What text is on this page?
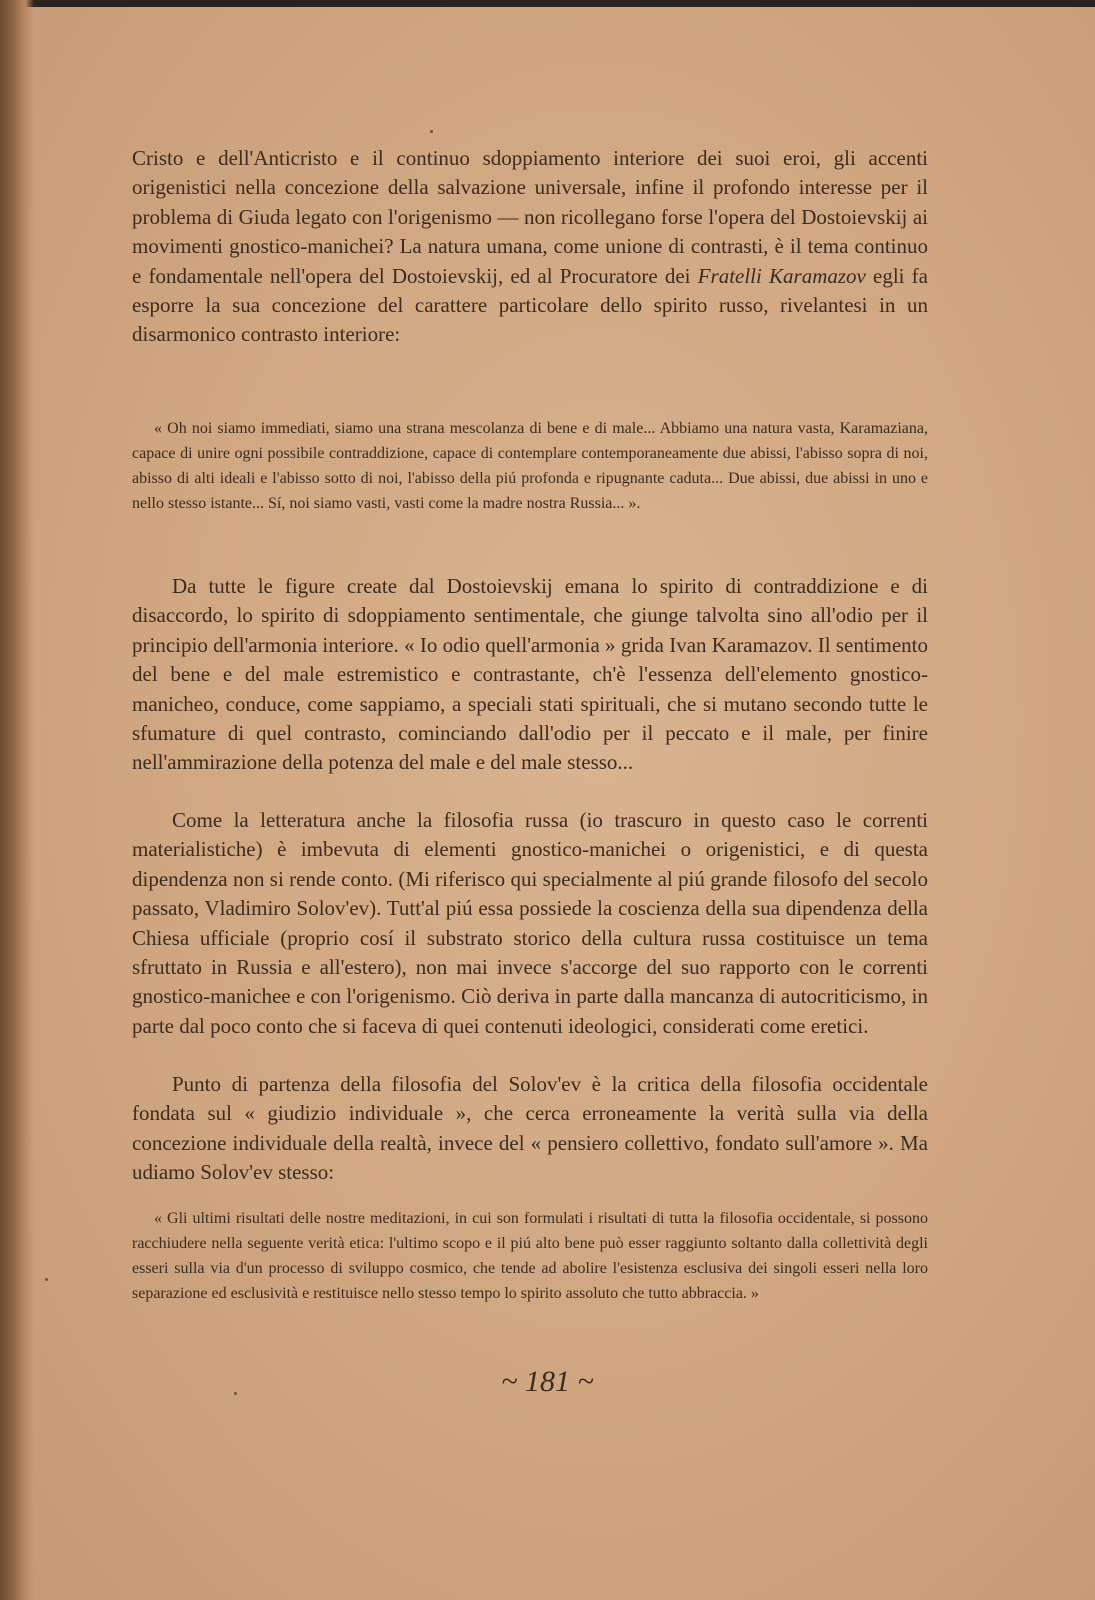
Cristo e dell'Anticristo e il continuo sdoppiamento interiore dei suoi eroi, gli accenti origenistici nella concezione della salvazione universale, infine il profondo interesse per il problema di Giuda legato con l'origenismo — non ricollegano forse l'opera del Dostoievskij ai movimenti gnostico-manichei? La natura umana, come unione di contrasti, è il tema continuo e fondamentale nell'opera del Dostoievskij, ed al Procuratore dei Fratelli Karamazov egli fa esporre la sua concezione del carattere particolare dello spirito russo, rivelantesi in un disarmonico contrasto interiore:

« Oh noi siamo immediati, siamo una strana mescolanza di bene e di male... Abbiamo una natura vasta, Karamaziana, capace di unire ogni possibile contraddizione, capace di contemplare contemporaneamente due abissi, l'abisso sopra di noi, abisso di alti ideali e l'abisso sotto di noi, l'abisso della piú profonda e ripugnante caduta... Due abissi, due abissi in uno e nello stesso istante... Sí, noi siamo vasti, vasti come la madre nostra Russia... ».

Da tutte le figure create dal Dostoievskij emana lo spirito di contraddizione e di disaccordo, lo spirito di sdoppiamento sentimentale, che giunge talvolta sino all'odio per il principio dell'armonia interiore. « Io odio quell'armonia » grida Ivan Karamazov. Il sentimento del bene e del male estremistico e contrastante, ch'è l'essenza dell'elemento gnostico-manicheo, conduce, come sappiamo, a speciali stati spirituali, che si mutano secondo tutte le sfumature di quel contrasto, cominciando dall'odio per il peccato e il male, per finire nell'ammirazione della potenza del male e del male stesso...

Come la letteratura anche la filosofia russa (io trascuro in questo caso le correnti materialistiche) è imbevuta di elementi gnostico-manichei o origenistici, e di questa dipendenza non si rende conto. (Mi riferisco qui specialmente al piú grande filosofo del secolo passato, Vladimiro Solov'ev). Tutt'al piú essa possiede la coscienza della sua dipendenza della Chiesa ufficiale (proprio cosí il substrato storico della cultura russa costituisce un tema sfruttato in Russia e all'estero), non mai invece s'accorge del suo rapporto con le correnti gnostico-manichee e con l'origenismo. Ciò deriva in parte dalla mancanza di autocriticismo, in parte dal poco conto che si faceva di quei contenuti ideologici, considerati come eretici.

Punto di partenza della filosofia del Solov'ev è la critica della filosofia occidentale fondata sul « giudizio individuale », che cerca erroneamente la verità sulla via della concezione individuale della realtà, invece del « pensiero collettivo, fondato sull'amore ». Ma udiamo Solov'ev stesso:

« Gli ultimi risultati delle nostre meditazioni, in cui son formulati i risultati di tutta la filosofia occidentale, si possono racchiudere nella seguente verità etica: l'ultimo scopo e il piú alto bene può esser raggiunto soltanto dalla collettività degli esseri sulla via d'un processo di sviluppo cosmico, che tende ad abolire l'esistenza esclusiva dei singoli esseri nella loro separazione ed esclusività e restituisce nello stesso tempo lo spirito assoluto che tutto abbraccia. »

~ 181 ~
